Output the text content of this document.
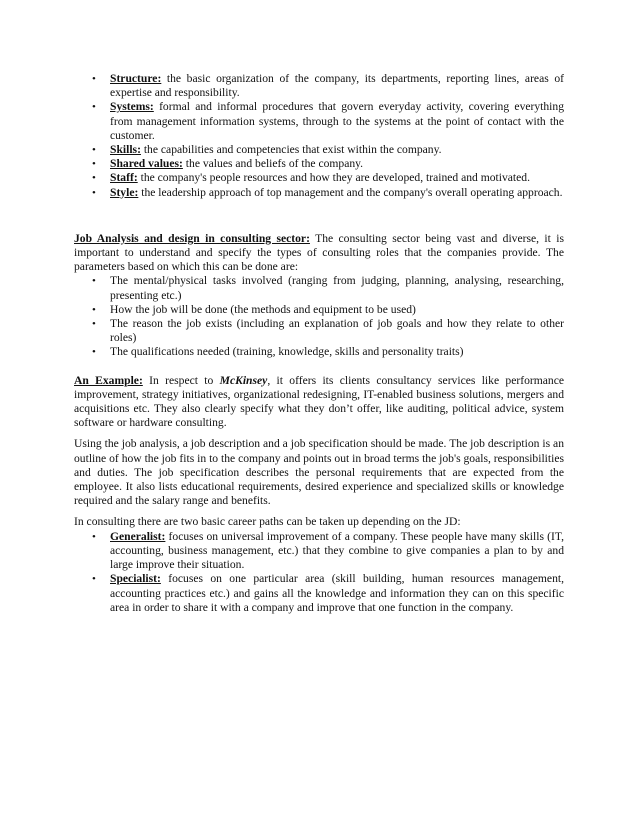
• Structure: the basic organization of the company, its departments, reporting lines, areas of expertise and responsibility.
• Systems: formal and informal procedures that govern everyday activity, covering everything from management information systems, through to the systems at the point of contact with the customer.
• Skills: the capabilities and competencies that exist within the company.
• Shared values: the values and beliefs of the company.
• Staff: the company's people resources and how they are developed, trained and motivated.
• Style: the leadership approach of top management and the company's overall operating approach.

Job Analysis and design in consulting sector: The consulting sector being vast and diverse, it is important to understand and specify the types of consulting roles that the companies provide. The parameters based on which this can be done are:

• The mental/physical tasks involved (ranging from judging, planning, analysing, researching, presenting etc.)
• How the job will be done (the methods and equipment to be used)
• The reason the job exists (including an explanation of job goals and how they relate to other roles)
• The qualifications needed (training, knowledge, skills and personality traits)

An Example: In respect to McKinsey, it offers its clients consultancy services like performance improvement, strategy initiatives, organizational redesigning, IT-enabled business solutions, mergers and acquisitions etc. They also clearly specify what they don’t offer, like auditing, political advice, system software or hardware consulting.

Using the job analysis, a job description and a job specification should be made. The job description is an outline of how the job fits in to the company and points out in broad terms the job's goals, responsibilities and duties. The job specification describes the personal requirements that are expected from the employee. It also lists educational requirements, desired experience and specialized skills or knowledge required and the salary range and benefits.

In consulting there are two basic career paths can be taken up depending on the JD:

• Generalist: focuses on universal improvement of a company. These people have many skills (IT, accounting, business management, etc.) that they combine to give companies a plan to by and large improve their situation.
• Specialist: focuses on one particular area (skill building, human resources management, accounting practices etc.) and gains all the knowledge and information they can on this specific area in order to share it with a company and improve that one function in the company.
